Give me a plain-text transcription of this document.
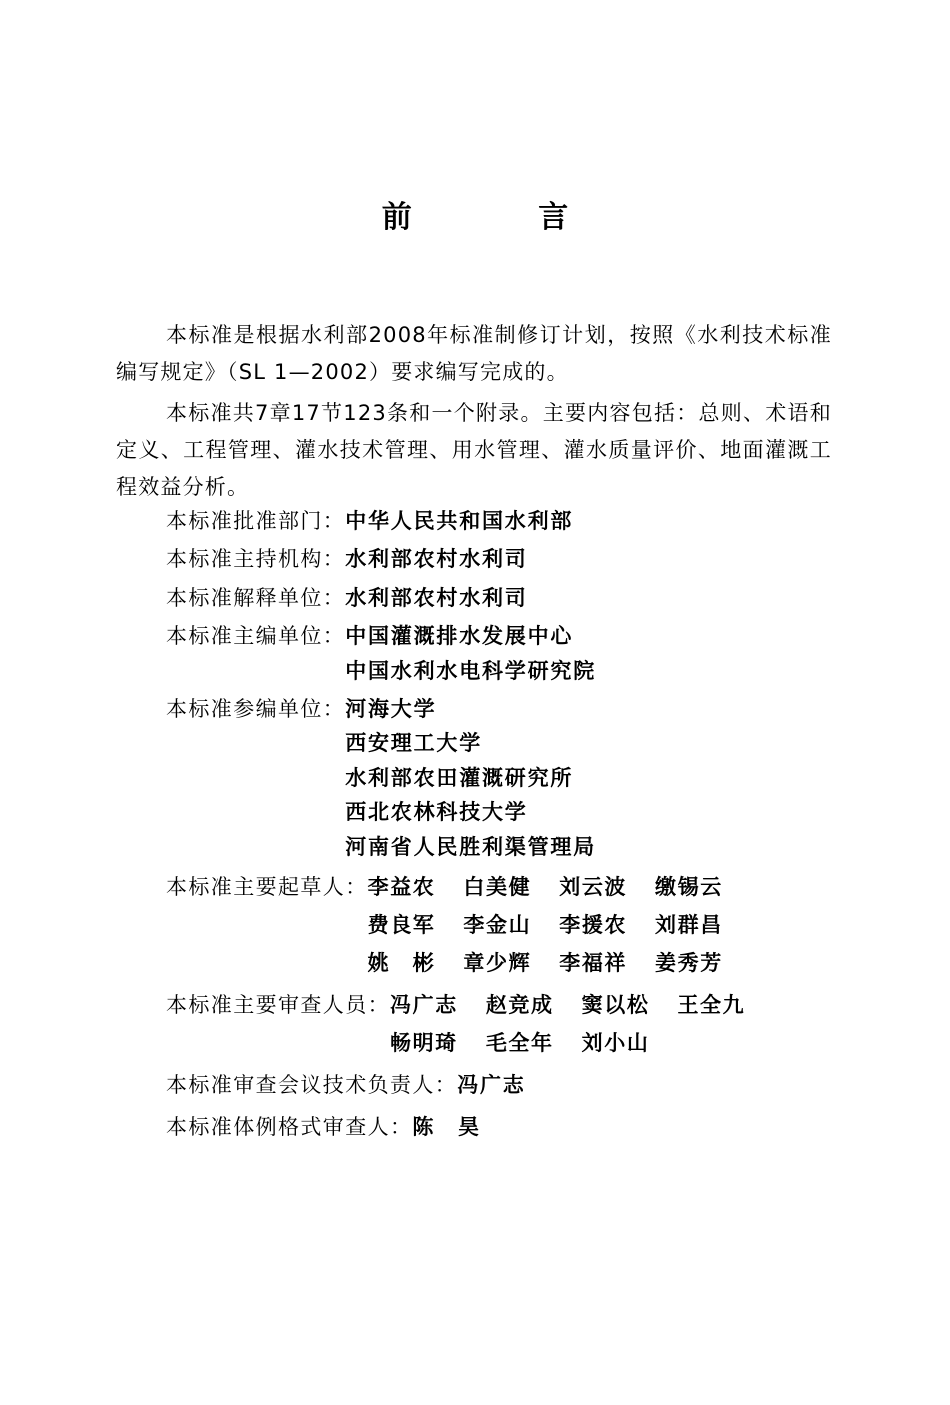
前 言

本标准是根据水利部2008年标准制修订计划，按照《水利技术标准编写规定》（SL 1—2002）要求编写完成的。

本标准共7章17节123条和一个附录。主要内容包括：总则、术语和定义、工程管理、灌水技术管理、用水管理、灌水质量评价、地面灌溉工程效益分析。

本标准批准部门： 中华人民共和国水利部
本标准主持机构： 水利部农村水利司
本标准解释单位： 水利部农村水利司
本标准主编单位： 中国灌溉排水发展中心
中国水利水电科学研究院
本标准参编单位： 河海大学
西安理工大学
水利部农田灌溉研究所
西北农林科技大学
河南省人民胜利渠管理局
本标准主要起草人： 李益农 白美健 刘云波 缴锡云
费良军 李金山 李援农 刘群昌
姚　彬 章少辉 李福祥 姜秀芳
本标准主要审查人员： 冯广志 赵竞成 窦以松 王全九
畅明琦 毛全年 刘小山
本标准审查会议技术负责人： 冯广志
本标准体例格式审查人： 陈　昊
